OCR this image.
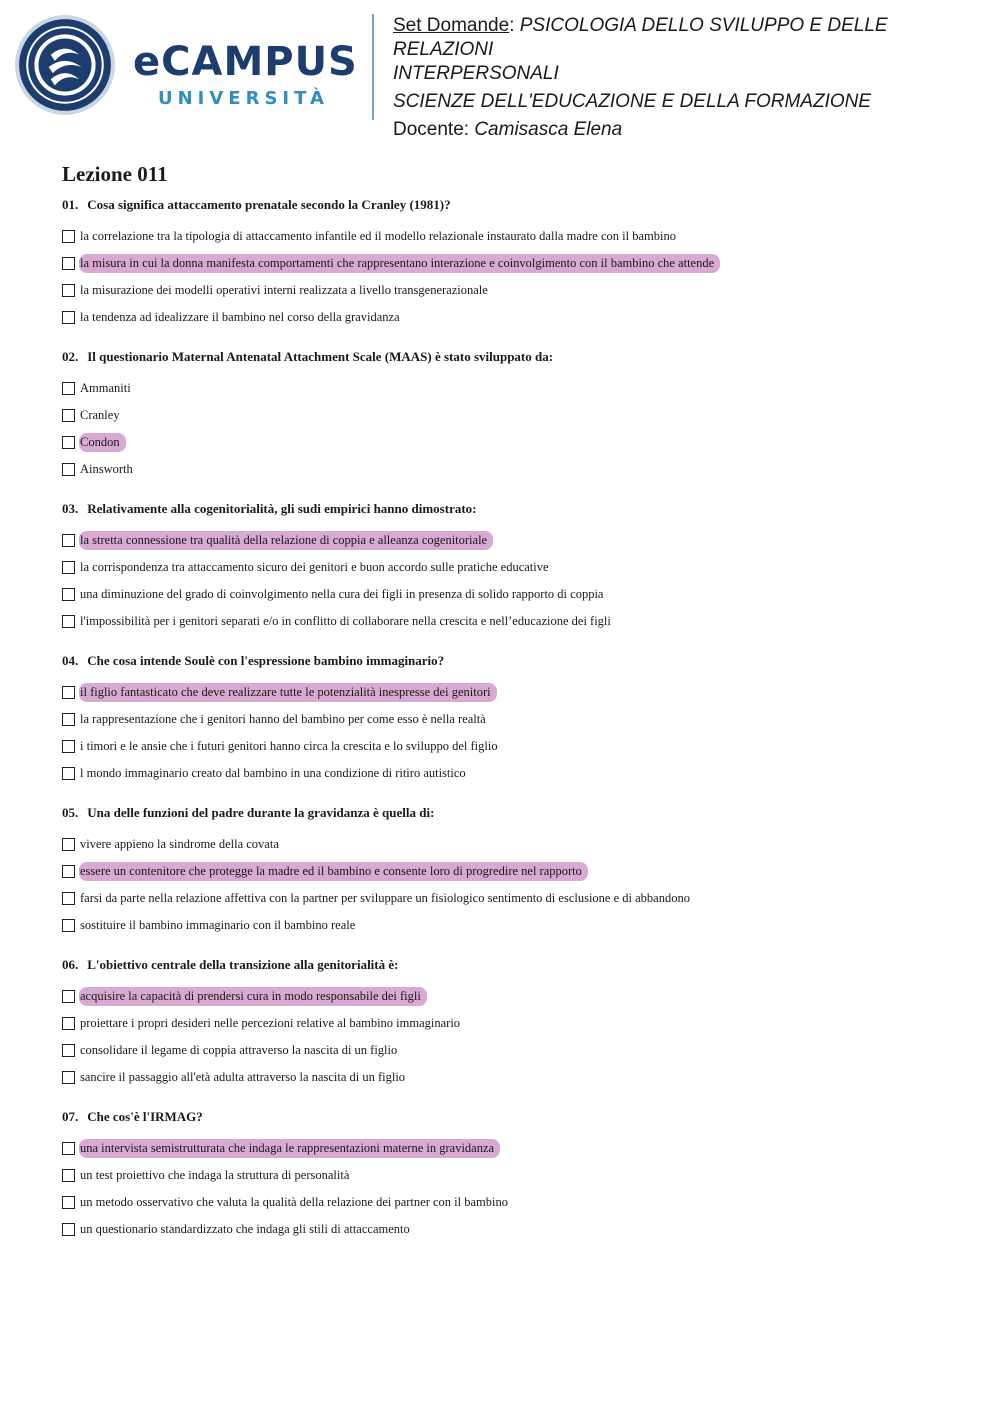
eCAMPUS
UNIVERSITÀ

Set Domande: PSICOLOGIA DELLO SVILUPPO E DELLE RELAZIONI

INTERPERSONALI

SCIENZE DELL'EDUCAZIONE E DELLA FORMAZIONE

Docente: Camisasca Elena

Lezione 011
01. Cosa significa attaccamento prenatale secondo la Cranley (1981)?
la correlazione tra la tipologia di attaccamento infantile ed il modello relazionale instaurato dalla madre con il bambino
la misura in cui la donna manifesta comportamenti che rappresentano interazione e coinvolgimento con il bambino che attende
la misurazione dei modelli operativi interni realizzata a livello transgenerazionale
la tendenza ad idealizzare il bambino nel corso della gravidanza
02. Il questionario Maternal Antenatal Attachment Scale (MAAS) è stato sviluppato da:
Ammaniti
Cranley
Condon
Ainsworth
03. Relativamente alla cogenitorialità, gli sudi empirici hanno dimostrato:
la stretta connessione tra qualità della relazione di coppia e alleanza cogenitoriale
la corrispondenza tra attaccamento sicuro dei genitori e buon accordo sulle pratiche educative
una diminuzione del grado di coinvolgimento nella cura dei figli in presenza di solido rapporto di coppia
l'impossibilità per i genitori separati e/o in conflitto di collaborare nella crescita e nell’educazione dei figli
04. Che cosa intende Soulè con l'espressione bambino immaginario?
il figlio fantasticato che deve realizzare tutte le potenzialità inespresse dei genitori
la rappresentazione che i genitori hanno del bambino per come esso è nella realtà
i timori e le ansie che i futuri genitori hanno circa la crescita e lo sviluppo del figlio
l mondo immaginario creato dal bambino in una condizione di ritiro autistico
05. Una delle funzioni del padre durante la gravidanza è quella di:
vivere appieno la sindrome della covata
essere un contenitore che protegge la madre ed il bambino e consente loro di progredire nel rapporto
farsi da parte nella relazione affettiva con la partner per sviluppare un fisiologico sentimento di esclusione e di abbandono
sostituire il bambino immaginario con il bambino reale
06. L'obiettivo centrale della transizione alla genitorialità è:
acquisire la capacità di prendersi cura in modo responsabile dei figli
proiettare i propri desideri nelle percezioni relative al bambino immaginario
consolidare il legame di coppia attraverso la nascita di un figlio
sancire il passaggio all'età adulta attraverso la nascita di un figlio
07. Che cos'è l'IRMAG?
una intervista semistrutturata che indaga le rappresentazioni materne in gravidanza
un test proiettivo che indaga la struttura di personalità
un metodo osservativo che valuta la qualità della relazione dei partner con il bambino
un questionario standardizzato che indaga gli stili di attaccamento
